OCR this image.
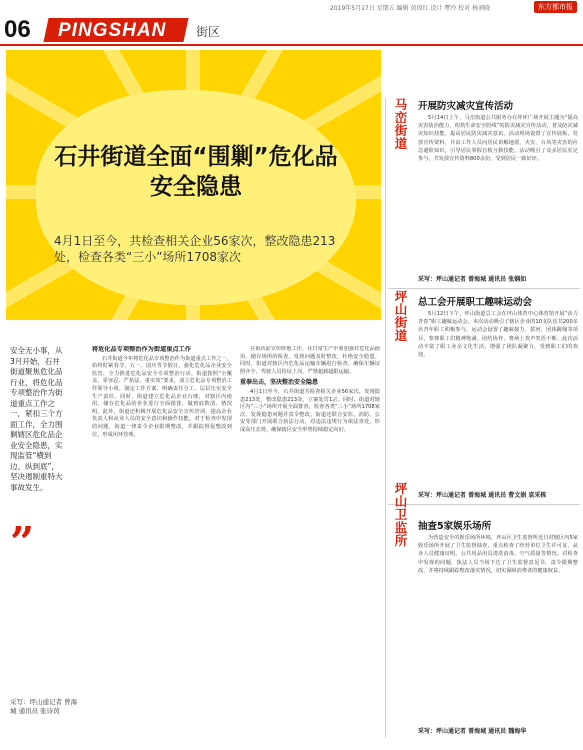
2019年5月17日 星期五 编辑 黄琼红 设计 覃玲 校对 杨润晓	东方都市报
06 PINGSHAN 街区
石井街道全面“围剿”危化品安全隐患

4月1日至今，共检查相关企业56家次，整改隐患213处，检查各类“三小”场所1708家次

安全无小事，从3月开始，石井街道聚焦危化品行业，将危化品专项整治作为街道重点工作之一，紧扣三个方面工作，全力围剿辖区危化品企业安全隐患，实现监管“横到边、纵到底”，坚决遏制重特大事故发生。
”
采写：坪山通记者 曾海城 通讯员 张诗茵
将危化品专项整治作为街道重点工作

石井街道今年将危化品专项整治作为街道重点工作之一，始终盯紧春节、五一、国庆等节假日，强化危化品企业安全监管，全力推进危化品安全专项整治行动。街道按照“全覆盖、零容忍、严执法、重实效”要求，成立危化品专项整治工作领导小组，制定工作方案，明确责任分工，层层压实安全生产责任。同时，街道建立危化品企业台账，对辖区内使用、储存危化品的企业进行全面摸排，做到底数清、情况明。此外，街道还积极开展危化品安全宣传培训，提高企业负责人和从业人员的安全意识和操作技能。对于检查中发现的问题，街道一律责令企业限期整改，并跟踪督促整改到位，形成闭环管理。

在街坊前宣传阵地工作，在日常生产中要加强对危化品使用、储存场所的检查，发现问题及时整改，杜绝安全隐患。同时，街道对辖区内危化品运输车辆进行检查，确保车辆证照齐全、驾驶人员持证上岗，严禁超载超限运输。

重拳出击，坚决整治安全隐患

4月1日至今，石井街道共检查相关企业56家次，发现隐患213处，整改隐患213处，立案处罚1宗。同时，街道对辖区内“三小”场所开展全面排查，检查各类“三小”场所1708家次，发现隐患问题并责令整改。街道还联合安监、消防、公安等部门开展联合执法行动，对违法违规行为依法查处，形成高压态势，确保辖区安全形势持续稳定向好。

马
峦
街
道
开展防灾减灾宣传活动

5月14日上午，马峦街道公共服务办在坪环广场开展主题为“提高灾害防治能力，构筑生命安全防线”的防灾减灾宣传活动，普及防灾减灾知识技能，提高居民防灾减灾意识。活动现场设置了宣传展板，发放宣传资料，并由工作人员向居民讲解地震、火灾、台风等灾害的应急避险知识，引导居民掌握自救互救技能。活动吸引了众多居民驻足参与，共发放宣传资料800余份，受到居民一致好评。

采写：坪山通记者 曾海城 通讯员 张娴如
坪
山
街
道
总工会开展职工趣味运动会

5月12日下午，坪山街道总工会在坪山体育中心体育馆开展“活力青春”职工趣味运动会，本次活动吸引了辖区企业的10支队伍共200多名青年职工积极参与。运动会设置了趣味接力、拔河、团体跳绳等项目，参赛职工们精神饱满、团结协作，赛场上欢声笑语不断。此次活动丰富了职工业余文化生活，增强了团队凝聚力，受到职工们的欢迎。

采写：坪山通记者 曾海城 通讯员 曹文娟 袁采栋
坪
山
卫
监
所
抽查5家娱乐场所

为营造安全的娱乐场所环境，坪山区卫生监督所近日对辖区内5家娱乐场所开展了卫生监督抽查，重点检查了经营单位卫生许可证、从业人员健康证明、公共用品用具清洗消毒、空气质量等情况。对检查中发现的问题，执法人员当场下达了卫生监督意见书，责令限期整改，并将持续跟踪整改落实情况，切实保障消费者的健康权益。

采写：坪山通记者 曾海城 通讯员 魏海华
